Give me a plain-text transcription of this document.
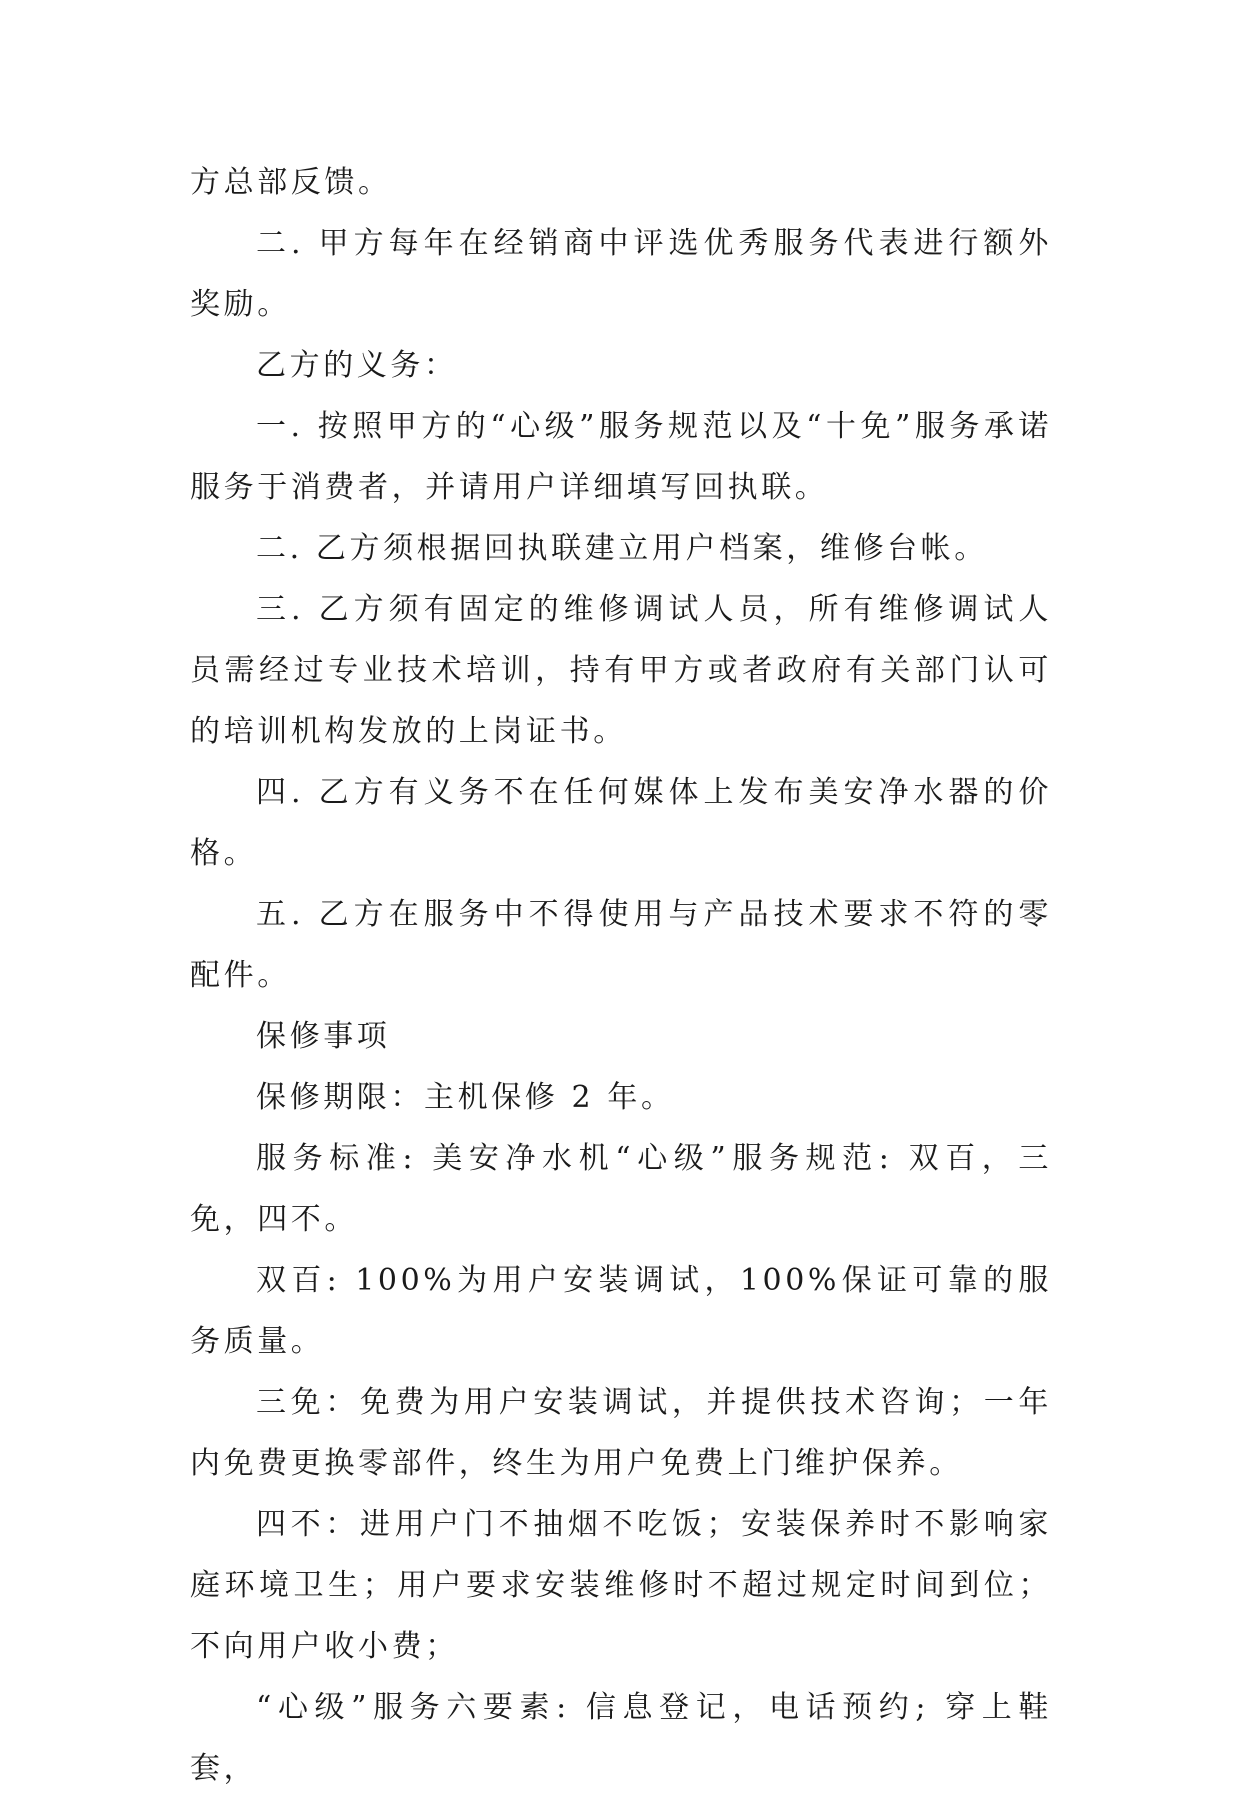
方总部反馈。

二. 甲方每年在经销商中评选优秀服务代表进行额外奖励。

乙方的义务：

一. 按照甲方的“心级”服务规范以及“十免”服务承诺服务于消费者，并请用户详细填写回执联。

二. 乙方须根据回执联建立用户档案，维修台帐。

三. 乙方须有固定的维修调试人员，所有维修调试人员需经过专业技术培训，持有甲方或者政府有关部门认可的培训机构发放的上岗证书。

四. 乙方有义务不在任何媒体上发布美安净水器的价格。

五. 乙方在服务中不得使用与产品技术要求不符的零配件。

保修事项

保修期限：主机保修 2 年。

服务标准: 美安净水机“心级”服务规范: 双百，三免，四不。

双百: 100%为用户安装调试，100%保证可靠的服务质量。

三免：免费为用户安装调试，并提供技术咨询；一年内免费更换零部件，终生为用户免费上门维护保养。

四不：进用户门不抽烟不吃饭；安装保养时不影响家庭环境卫生；用户要求安装维修时不超过规定时间到位；不向用户收小费；

“心级”服务六要素: 信息登记，电话预约; 穿上鞋套，
